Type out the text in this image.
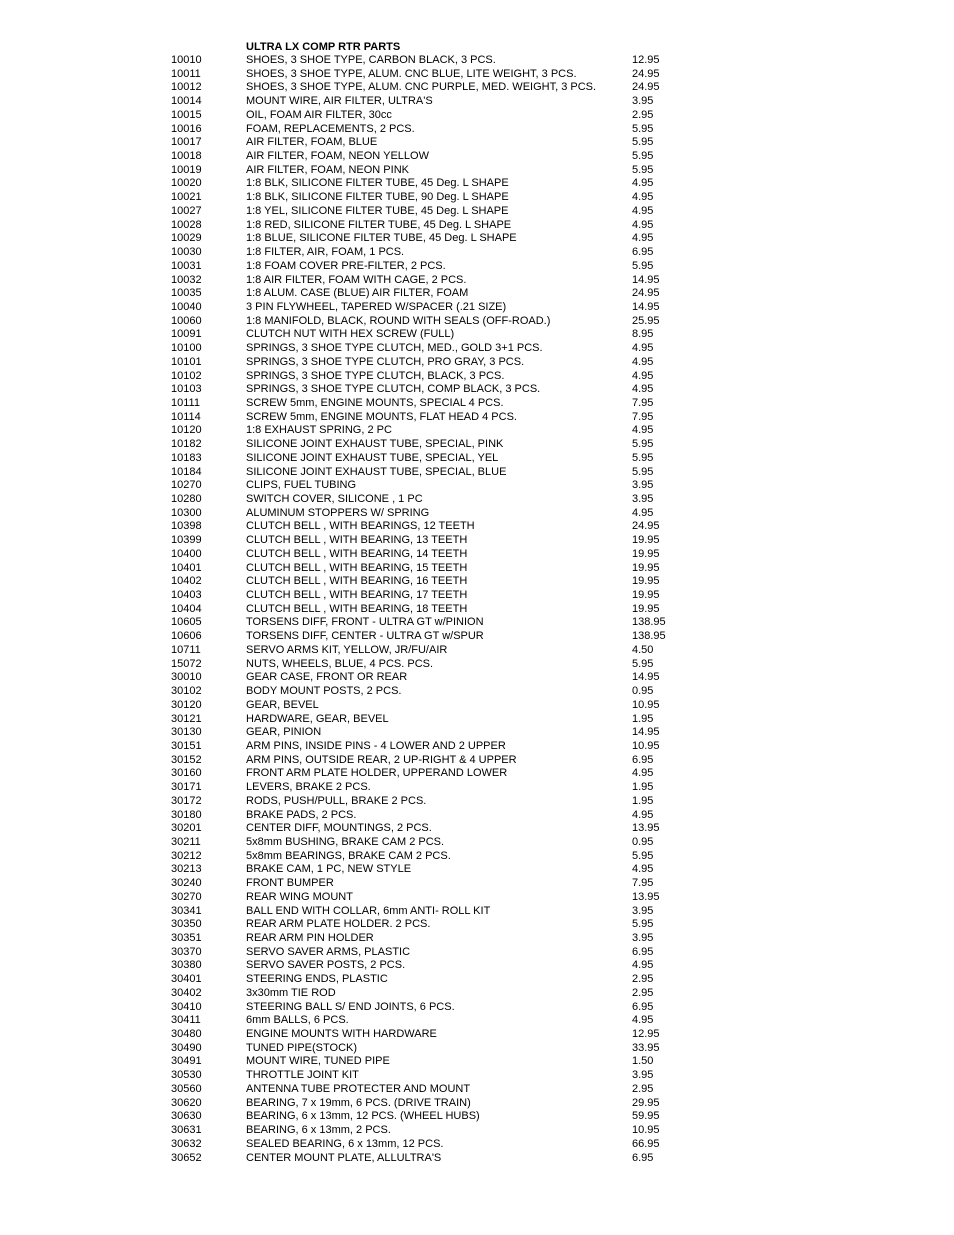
ULTRA LX COMP RTR PARTS
10010	SHOES, 3 SHOE TYPE, CARBON BLACK, 3 PCS.	12.95
10011	SHOES, 3 SHOE TYPE, ALUM. CNC BLUE, LITE WEIGHT, 3 PCS.	24.95
10012	SHOES, 3 SHOE TYPE, ALUM. CNC PURPLE, MED. WEIGHT, 3 PCS.	24.95
10014	MOUNT WIRE, AIR FILTER, ULTRA'S	3.95
10015	OIL, FOAM AIR FILTER, 30cc	2.95
10016	FOAM, REPLACEMENTS, 2 PCS.	5.95
10017	AIR FILTER, FOAM, BLUE	5.95
10018	AIR FILTER, FOAM, NEON YELLOW	5.95
10019	AIR FILTER, FOAM, NEON PINK	5.95
10020	1:8 BLK, SILICONE FILTER TUBE, 45 Deg. L SHAPE	4.95
10021	1:8 BLK, SILICONE FILTER TUBE, 90 Deg. L SHAPE	4.95
10027	1:8 YEL, SILICONE FILTER TUBE, 45 Deg. L SHAPE	4.95
10028	1:8 RED, SILICONE FILTER TUBE, 45 Deg. L SHAPE	4.95
10029	1:8 BLUE, SILICONE FILTER TUBE, 45 Deg. L SHAPE	4.95
10030	1:8 FILTER, AIR, FOAM, 1 PCS.	6.95
10031	1:8 FOAM COVER PRE-FILTER, 2 PCS.	5.95
10032	1:8 AIR FILTER, FOAM WITH CAGE, 2 PCS.	14.95
10035	1:8 ALUM. CASE (BLUE) AIR FILTER, FOAM	24.95
10040	3 PIN FLYWHEEL, TAPERED W/SPACER (.21 SIZE)	14.95
10060	1:8 MANIFOLD, BLACK, ROUND WITH SEALS (OFF-ROAD.)	25.95
10091	CLUTCH NUT WITH HEX SCREW (FULL)	8.95
10100	SPRINGS, 3 SHOE TYPE CLUTCH, MED., GOLD 3+1 PCS.	4.95
10101	SPRINGS, 3 SHOE TYPE CLUTCH, PRO GRAY, 3 PCS.	4.95
10102	SPRINGS, 3 SHOE TYPE CLUTCH, BLACK, 3 PCS.	4.95
10103	SPRINGS, 3 SHOE TYPE CLUTCH, COMP BLACK, 3 PCS.	4.95
10111	SCREW 5mm, ENGINE MOUNTS, SPECIAL 4 PCS.	7.95
10114	SCREW 5mm, ENGINE MOUNTS, FLAT HEAD 4 PCS.	7.95
10120	1:8 EXHAUST SPRING, 2 PC	4.95
10182	SILICONE JOINT EXHAUST TUBE, SPECIAL, PINK	5.95
10183	SILICONE JOINT EXHAUST TUBE, SPECIAL, YEL	5.95
10184	SILICONE JOINT EXHAUST TUBE, SPECIAL, BLUE	5.95
10270	CLIPS, FUEL TUBING	3.95
10280	SWITCH COVER, SILICONE , 1 PC	3.95
10300	ALUMINUM STOPPERS W/ SPRING	4.95
10398	CLUTCH BELL , WITH BEARINGS, 12 TEETH	24.95
10399	CLUTCH BELL , WITH BEARING, 13 TEETH	19.95
10400	CLUTCH BELL , WITH BEARING, 14 TEETH	19.95
10401	CLUTCH BELL , WITH BEARING, 15 TEETH	19.95
10402	CLUTCH BELL , WITH BEARING, 16 TEETH	19.95
10403	CLUTCH BELL , WITH BEARING, 17 TEETH	19.95
10404	CLUTCH BELL , WITH BEARING, 18 TEETH	19.95
10605	TORSENS DIFF, FRONT - ULTRA GT w/PINION	138.95
10606	TORSENS DIFF, CENTER - ULTRA GT w/SPUR	138.95
10711	SERVO ARMS KIT, YELLOW, JR/FU/AIR	4.50
15072	NUTS, WHEELS, BLUE, 4 PCS. PCS.	5.95
30010	GEAR CASE, FRONT OR REAR	14.95
30102	BODY MOUNT POSTS, 2 PCS.	0.95
30120	GEAR, BEVEL	10.95
30121	HARDWARE, GEAR, BEVEL	1.95
30130	GEAR, PINION	14.95
30151	ARM PINS, INSIDE PINS - 4 LOWER AND 2 UPPER	10.95
30152	ARM PINS, OUTSIDE REAR, 2 UP-RIGHT & 4 UPPER	6.95
30160	FRONT ARM PLATE HOLDER, UPPERAND LOWER	4.95
30171	LEVERS, BRAKE 2 PCS.	1.95
30172	RODS, PUSH/PULL, BRAKE 2 PCS.	1.95
30180	BRAKE PADS, 2 PCS.	4.95
30201	CENTER DIFF, MOUNTINGS, 2 PCS.	13.95
30211	5x8mm BUSHING, BRAKE CAM 2 PCS.	0.95
30212	5x8mm BEARINGS, BRAKE CAM 2 PCS.	5.95
30213	BRAKE CAM, 1 PC, NEW STYLE	4.95
30240	FRONT BUMPER	7.95
30270	REAR WING MOUNT	13.95
30341	BALL END WITH COLLAR, 6mm ANTI- ROLL KIT	3.95
30350	REAR ARM PLATE HOLDER. 2 PCS.	5.95
30351	REAR ARM PIN HOLDER	3.95
30370	SERVO SAVER ARMS, PLASTIC	6.95
30380	SERVO SAVER POSTS, 2 PCS.	4.95
30401	STEERING ENDS, PLASTIC	2.95
30402	3x30mm TIE ROD	2.95
30410	STEERING BALL S/ END JOINTS, 6 PCS.	6.95
30411	6mm BALLS, 6 PCS.	4.95
30480	ENGINE MOUNTS WITH HARDWARE	12.95
30490	TUNED PIPE(STOCK)	33.95
30491	MOUNT WIRE, TUNED PIPE	1.50
30530	THROTTLE JOINT KIT	3.95
30560	ANTENNA TUBE PROTECTER AND MOUNT	2.95
30620	BEARING, 7 x 19mm, 6 PCS. (DRIVE TRAIN)	29.95
30630	BEARING, 6 x 13mm, 12 PCS. (WHEEL HUBS)	59.95
30631	BEARING, 6 x 13mm, 2 PCS.	10.95
30632	SEALED BEARING, 6 x 13mm, 12 PCS.	66.95
30652	CENTER MOUNT PLATE, ALLULTRA'S	6.95
